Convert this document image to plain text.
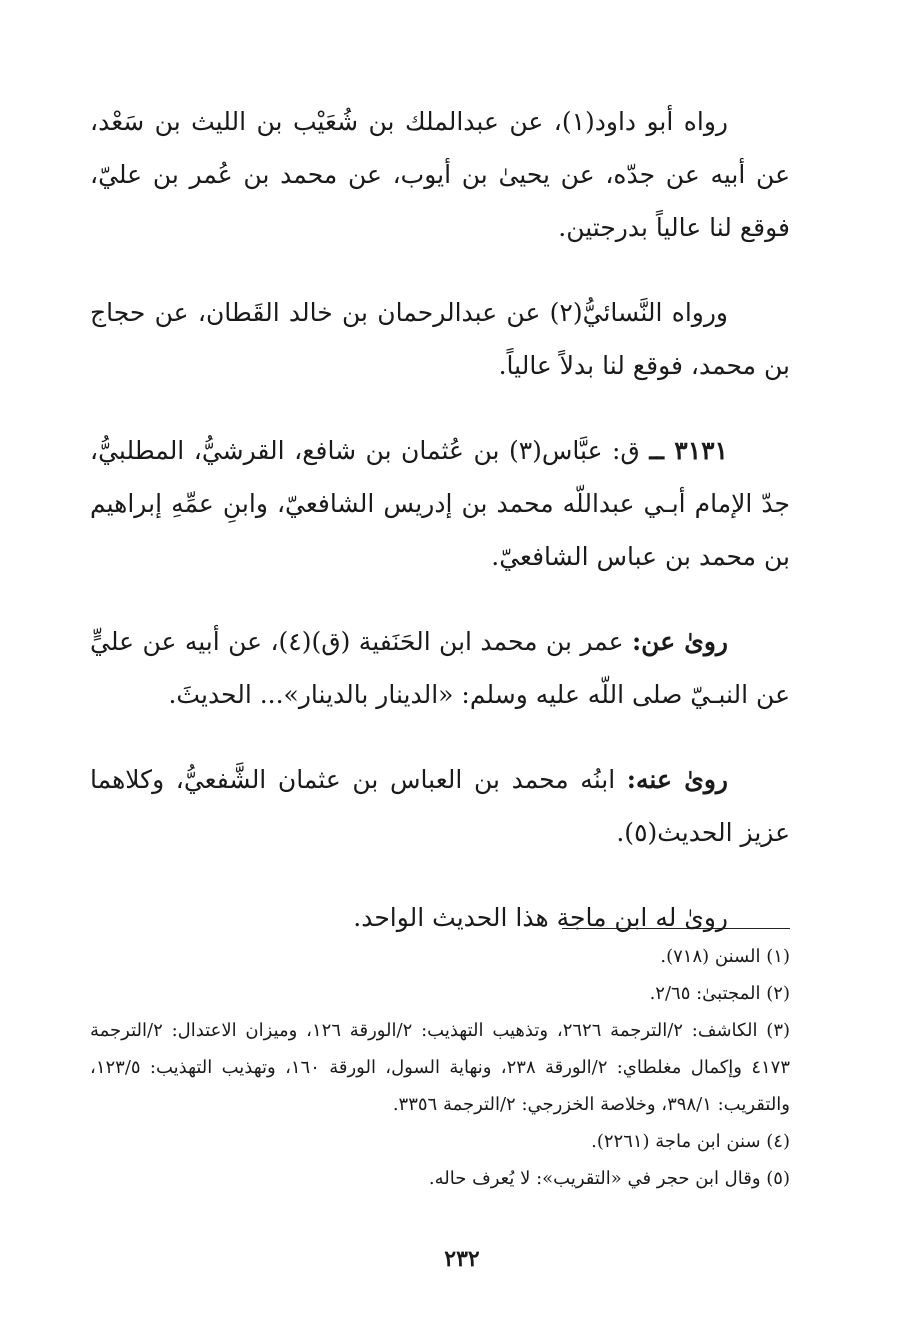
رواه أبو داود(١)، عن عبدالملك بن شُعَيْب بن الليث بن سَعْد، عن أبيه عن جدّه، عن يحيىٰ بن أيوب، عن محمد بن عُمر بن عليّ، فوقع لنا عالياً بدرجتين.

ورواه النَّسائيُّ(٢) عن عبدالرحمان بن خالد القَطان، عن حجاج بن محمد، فوقع لنا بدلاً عالياً.

٣١٣١ ــ ق: عبَّاس(٣) بن عُثمان بن شافع، القرشيُّ، المطلبيُّ، جدّ الإمام أبـي عبداللّه محمد بن إدريس الشافعيّ، وابنِ عمِّهِ إبراهيم بن محمد بن عباس الشافعيّ.

روىٰ عن: عمر بن محمد ابن الحَنَفية (ق)(٤)، عن أبيه عن عليٍّ عن النبـيّ صلى اللّه عليه وسلم: «الدينار بالدينار»... الحديثَ.

روىٰ عنه: ابنُه محمد بن العباس بن عثمان الشَّفعيُّ، وكلاهما عزيز الحديث(٥).

روىٰ له ابن ماجة هذا الحديث الواحد.

(١) السنن (٧١٨).

(٢) المجتبىٰ: ٢/٦٥.

(٣) الكاشف: ٢/الترجمة ٢٦٢٦، وتذهيب التهذيب: ٢/الورقة ١٢٦، وميزان الاعتدال: ٢/الترجمة ٤١٧٣ وإكمال مغلطاي: ٢/الورقة ٢٣٨، ونهاية السول، الورقة ١٦٠، وتهذيب التهذيب: ١٢٣/٥، والتقريب: ٣٩٨/١، وخلاصة الخزرجي: ٢/الترجمة ٣٣٥٦.

(٤) سنن ابن ماجة (٢٢٦١).

(٥) وقال ابن حجر في «التقريب»: لا يُعرف حاله.

٢٣٢
